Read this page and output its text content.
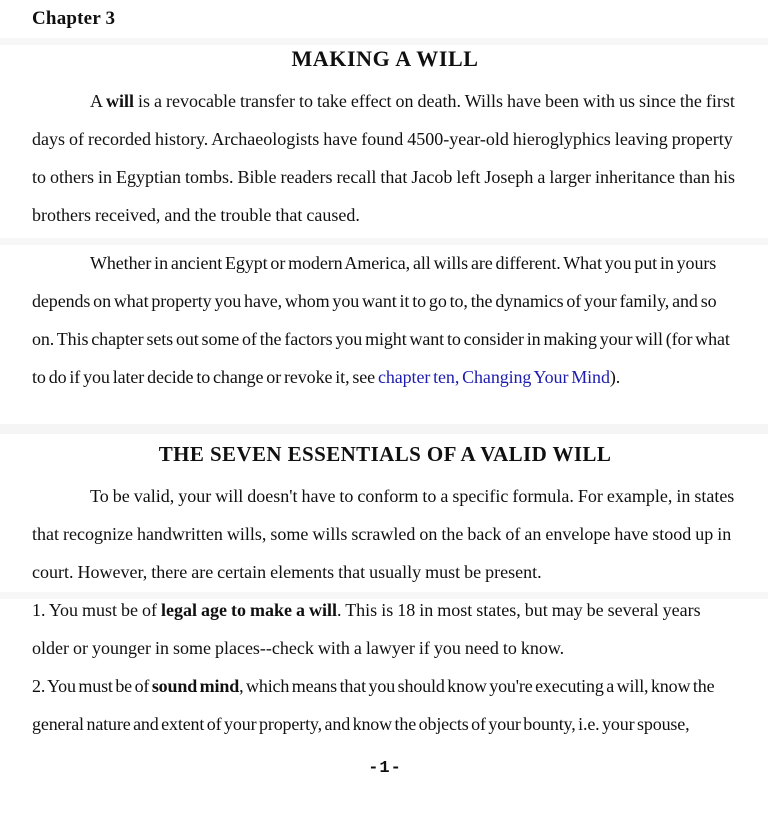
Chapter 3
MAKING A WILL

A will is a revocable transfer to take effect on death. Wills have been with us since the first days of recorded history. Archaeologists have found 4500-year-old hieroglyphics leaving property to others in Egyptian tombs. Bible readers recall that Jacob left Joseph a larger inheritance than his brothers received, and the trouble that caused.

Whether in ancient Egypt or modern America, all wills are different. What you put in yours depends on what property you have, whom you want it to go to, the dynamics of your family, and so on. This chapter sets out some of the factors you might want to consider in making your will (for what to do if you later decide to change or revoke it, see chapter ten, Changing Your Mind).

THE SEVEN ESSENTIALS OF A VALID WILL

To be valid, your will doesn't have to conform to a specific formula. For example, in states that recognize handwritten wills, some wills scrawled on the back of an envelope have stood up in court. However, there are certain elements that usually must be present.

1. You must be of legal age to make a will. This is 18 in most states, but may be several years older or younger in some places--check with a lawyer if you need to know.

2. You must be of sound mind, which means that you should know you're executing a will, know the general nature and extent of your property, and know the objects of your bounty, i.e. your spouse,

-1-
